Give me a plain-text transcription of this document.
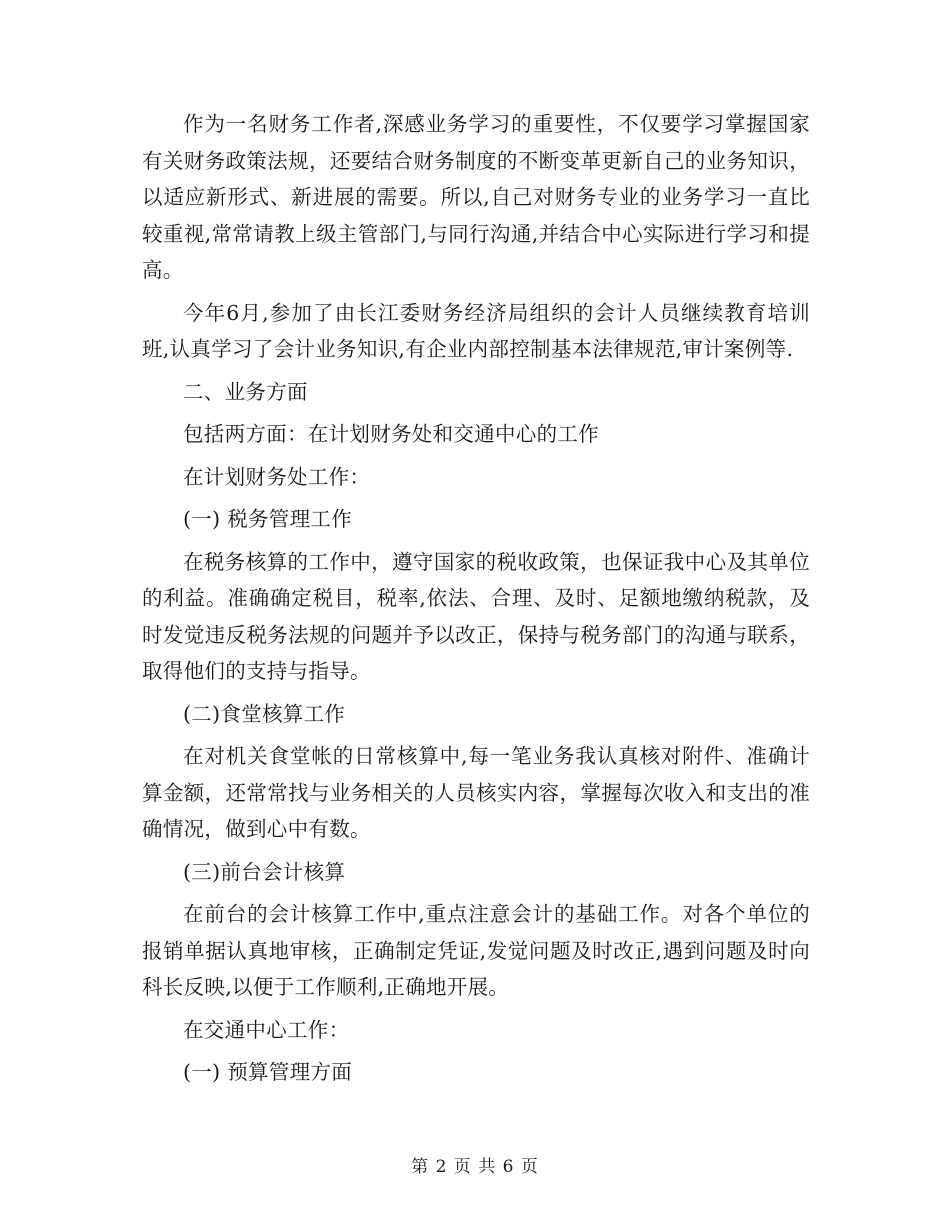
作为一名财务工作者,深感业务学习的重要性，不仅要学习掌握国家有关财务政策法规，还要结合财务制度的不断变革更新自己的业务知识，以适应新形式、新进展的需要。所以,自己对财务专业的业务学习一直比较重视,常常请教上级主管部门,与同行沟通,并结合中心实际进行学习和提高。

今年6月,参加了由长江委财务经济局组织的会计人员继续教育培训班,认真学习了会计业务知识,有企业内部控制基本法律规范,审计案例等.

二、业务方面

包括两方面：在计划财务处和交通中心的工作

在计划财务处工作：

(一) 税务管理工作

在税务核算的工作中，遵守国家的税收政策，也保证我中心及其单位的利益。准确确定税目，税率,依法、合理、及时、足额地缴纳税款，及时发觉违反税务法规的问题并予以改正，保持与税务部门的沟通与联系，取得他们的支持与指导。

(二)食堂核算工作

在对机关食堂帐的日常核算中,每一笔业务我认真核对附件、准确计算金额，还常常找与业务相关的人员核实内容，掌握每次收入和支出的准确情况，做到心中有数。

(三)前台会计核算

在前台的会计核算工作中,重点注意会计的基础工作。对各个单位的报销单据认真地审核，正确制定凭证,发觉问题及时改正,遇到问题及时向科长反映,以便于工作顺利,正确地开展。

在交通中心工作：

(一) 预算管理方面

第 2 页 共 6 页
